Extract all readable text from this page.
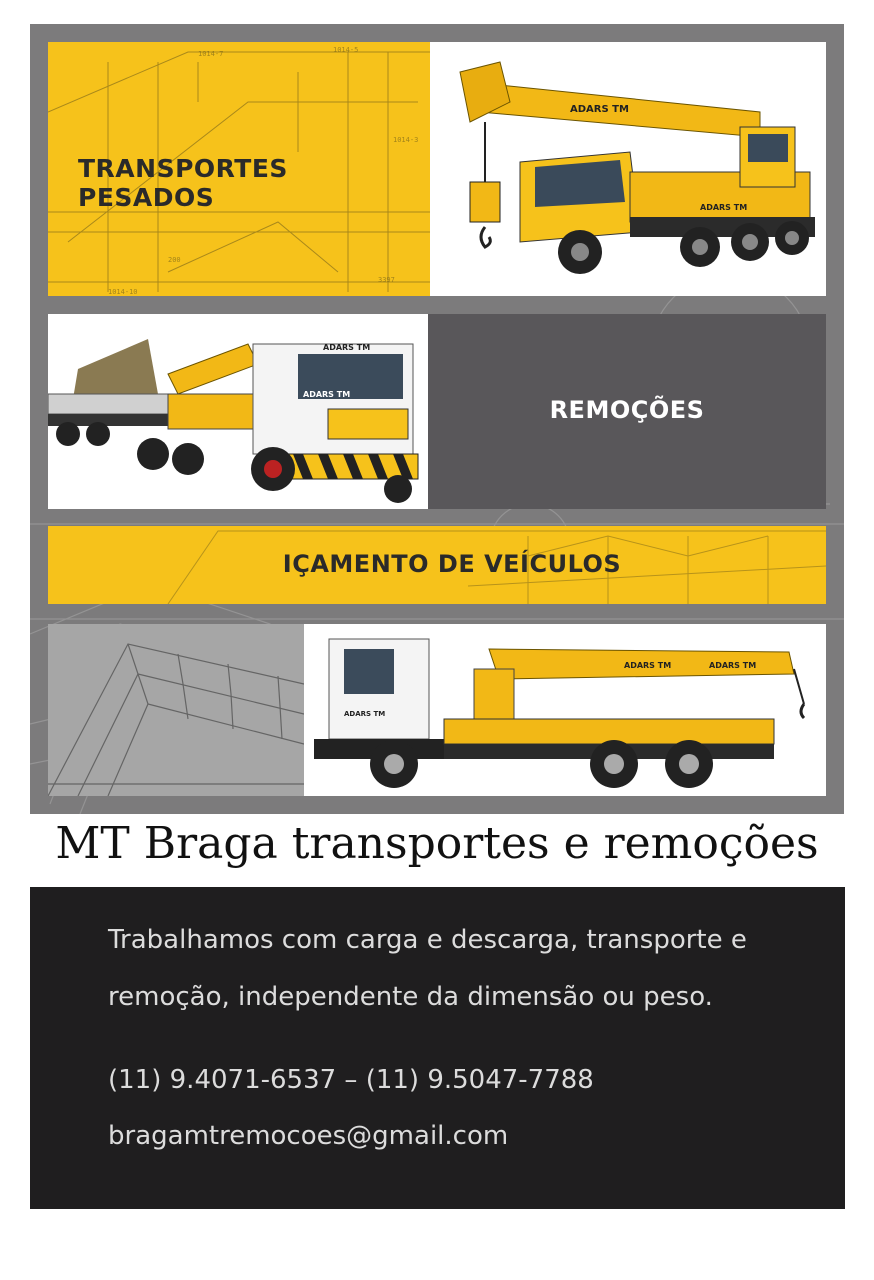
1014-7	1014-5
1014-3
200
3397
1014-10
TRANSPORTES PESADOS
ADARS TM
ADARS TM
ADARS TM
ADARS TM
REMOÇÕES
IÇAMENTO DE VEÍCULOS
ADARS TM	ADARS TM
ADARS TM
MT Braga transportes e remoções
Trabalhamos com carga e descarga, transporte e
remoção, independente da dimensão ou peso.
(11) 9.4071-6537 – (11) 9.5047-7788
bragamtremocoes@gmail.com
